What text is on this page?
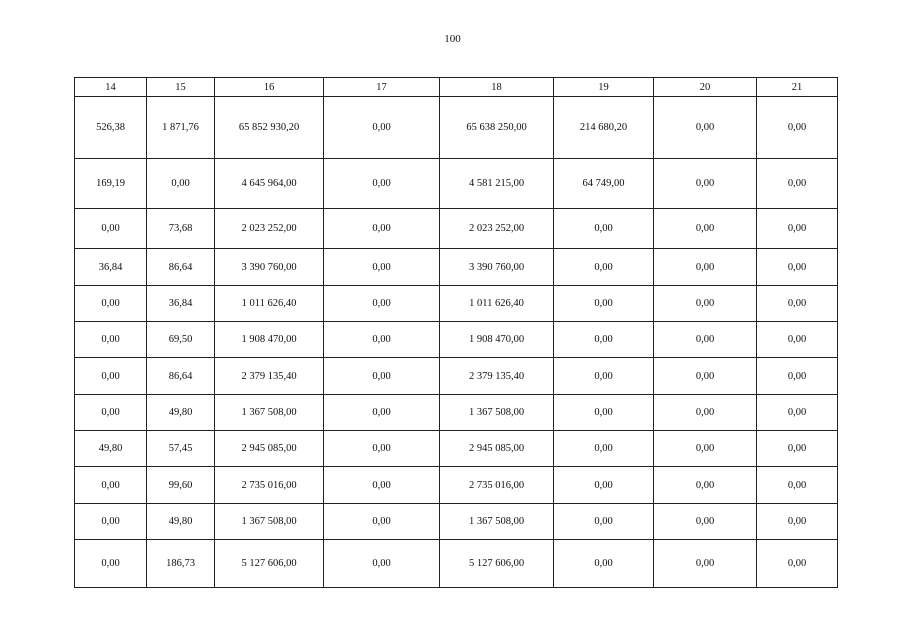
100
14	15	16	17	18	19	20	21
526,38	1 871,76	65 852 930,20	0,00	65 638 250,00	214 680,20	0,00	0,00
169,19	0,00	4 645 964,00	0,00	4 581 215,00	64 749,00	0,00	0,00
0,00	73,68	2 023 252,00	0,00	2 023 252,00	0,00	0,00	0,00
36,84	86,64	3 390 760,00	0,00	3 390 760,00	0,00	0,00	0,00
0,00	36,84	1 011 626,40	0,00	1 011 626,40	0,00	0,00	0,00
0,00	69,50	1 908 470,00	0,00	1 908 470,00	0,00	0,00	0,00
0,00	86,64	2 379 135,40	0,00	2 379 135,40	0,00	0,00	0,00
0,00	49,80	1 367 508,00	0,00	1 367 508,00	0,00	0,00	0,00
49,80	57,45	2 945 085,00	0,00	2 945 085,00	0,00	0,00	0,00
0,00	99,60	2 735 016,00	0,00	2 735 016,00	0,00	0,00	0,00
0,00	49,80	1 367 508,00	0,00	1 367 508,00	0,00	0,00	0,00
0,00	186,73	5 127 606,00	0,00	5 127 606,00	0,00	0,00	0,00
